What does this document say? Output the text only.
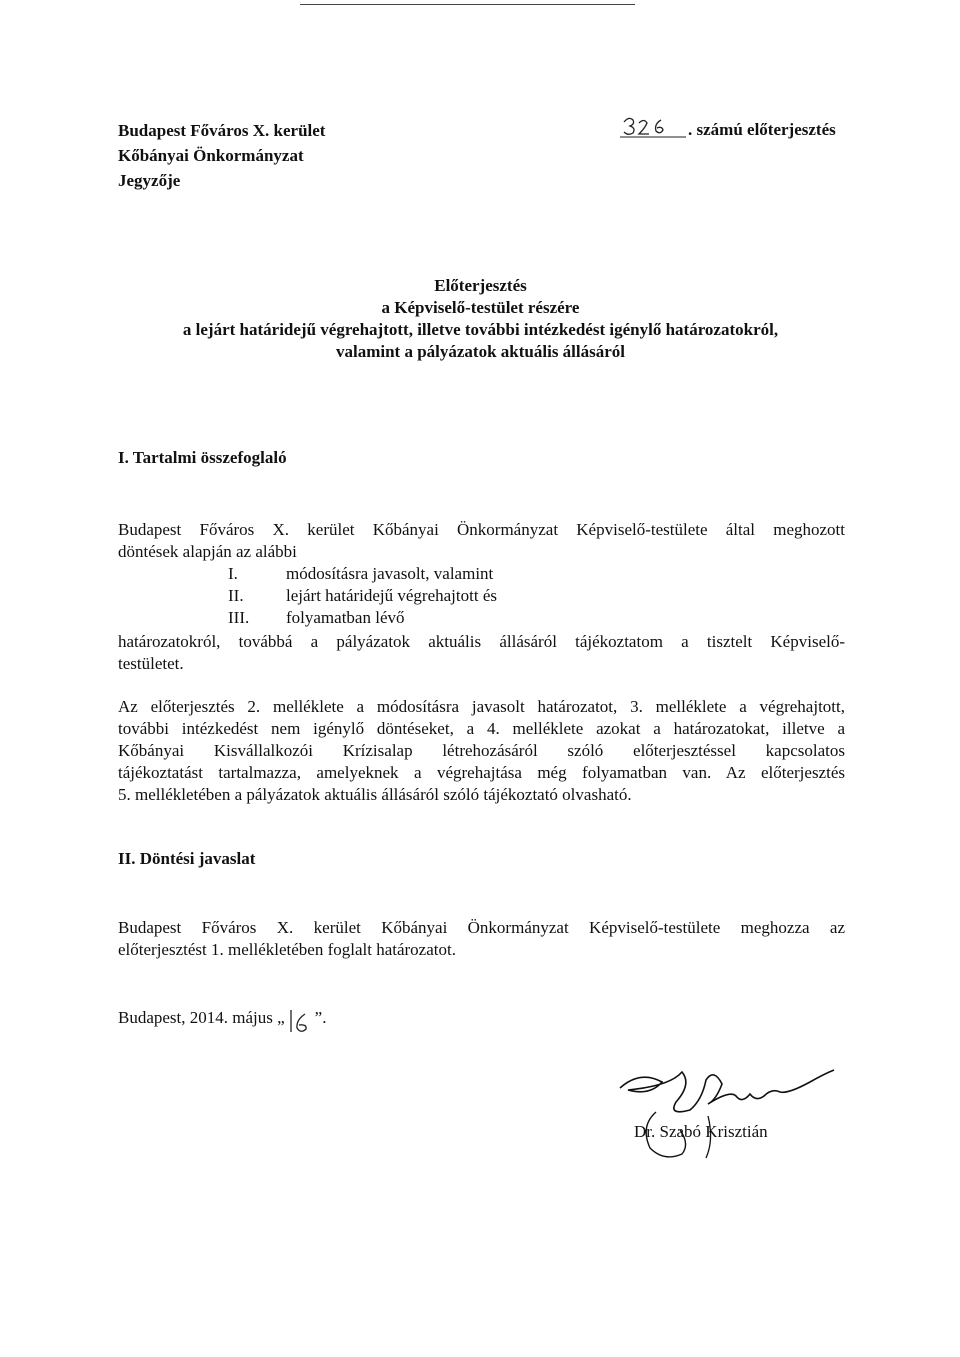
Budapest Főváros X. kerület
Kőbányai Önkormányzat
Jegyzője
. számú előterjesztés
Előterjesztés
a Képviselő-testület részére
a lejárt határidejű végrehajtott, illetve további intézkedést igénylő határozatokról,
valamint a pályázatok aktuális állásáról
I. Tartalmi összefoglaló
Budapest Főváros X. kerület Kőbányai Önkormányzat Képviselő-testülete által meghozott
döntések alapján az alábbi
I.	módosításra javasolt, valamint
II.	lejárt határidejű végrehajtott és
III.	folyamatban lévő
határozatokról, továbbá a pályázatok aktuális állásáról tájékoztatom a tisztelt Képviselő-
testületet.
Az előterjesztés 2. melléklete a módosításra javasolt határozatot, 3. melléklete a végrehajtott,
további intézkedést nem igénylő döntéseket, a 4. melléklete azokat a határozatokat, illetve a
Kőbányai Kisvállalkozói Krízisalap létrehozásáról szóló előterjesztéssel kapcsolatos
tájékoztatást tartalmazza, amelyeknek a végrehajtása még folyamatban van. Az előterjesztés
5. mellékletében a pályázatok aktuális állásáról szóló tájékoztató olvasható.
II. Döntési javaslat
Budapest Főváros X. kerület Kőbányai Önkormányzat Képviselő-testülete meghozza az
előterjesztést 1. mellékletében foglalt határozatot.
Budapest, 2014. május „ ”.
Dr. Szabó Krisztián
